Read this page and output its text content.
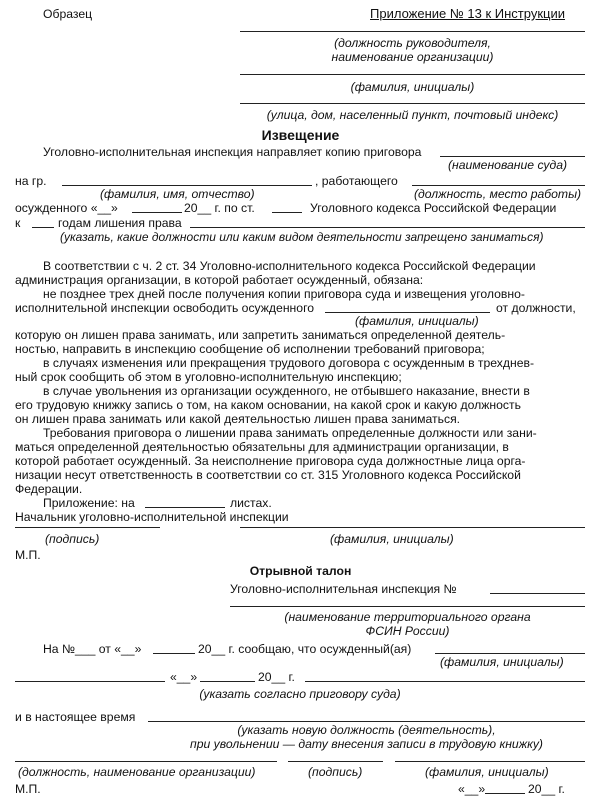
Образец	Приложение № 13 к Инструкции
(должность руководителя,
наименование организации)
(фамилия, инициалы)
(улица, дом, населенный пункт, почтовый индекс)
Извещение
Уголовно-исполнительная инспекция направляет копию приговора
(наименование суда)
на гр.	, работающего
(фамилия, имя, отчество)	(должность, место работы)
осужденного «__»	20__ г. по ст.	Уголовного кодекса Российской Федерации
к	годам лишения права
(указать, какие должности или каким видом деятельности запрещено заниматься)
В соответствии с ч. 2 ст. 34 Уголовно-исполнительного кодекса Российской Федерации
администрация организации, в которой работает осужденный, обязана:
не позднее трех дней после получения копии приговора суда и извещения уголовно-
исполнительной инспекции освободить осужденного	от должности,
(фамилия, инициалы)
которую он лишен права занимать, или запретить заниматься определенной деятель-
ностью, направить в инспекцию сообщение об исполнении требований приговора;
в случаях изменения или прекращения трудового договора с осужденным в трехднев-
ный срок сообщить об этом в уголовно-исполнительную инспекцию;
в случае увольнения из организации осужденного, не отбывшего наказание, внести в
его трудовую книжку запись о том, на каком основании, на какой срок и какую должность
он лишен права занимать или какой деятельностью лишен права заниматься.
Требования приговора о лишении права занимать определенные должности или зани-
маться определенной деятельностью обязательны для администрации организации, в
которой работает осужденный. За неисполнение приговора суда должностные лица орга-
низации несут ответственность в соответствии со ст. 315 Уголовного кодекса Российской
Федерации.
Приложение: на	листах.
Начальник уголовно-исполнительной инспекции
(подпись)	(фамилия, инициалы)
М.П.
Отрывной талон
Уголовно-исполнительная инспекция №
(наименование территориального органа
ФСИН России)
На №___ от «__»	20__ г. сообщаю, что осужденный(ая)
(фамилия, инициалы)
«__»	20__ г.
(указать согласно приговору суда)
и в настоящее время
(указать новую должность (деятельность),
при увольнении — дату внесения записи в трудовую книжку)
(должность, наименование организации)	(подпись)	(фамилия, инициалы)
М.П.	«__»	20__ г.
